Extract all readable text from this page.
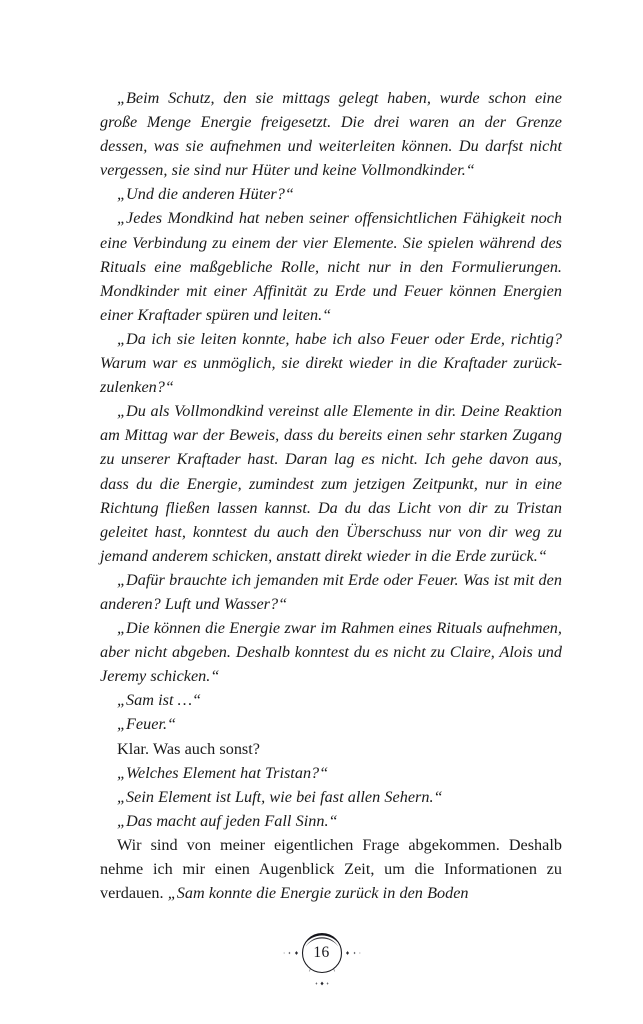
„Beim Schutz, den sie mittags gelegt haben, wurde schon eine große Menge Energie freigesetzt. Die drei waren an der Grenze dessen, was sie aufnehmen und weiterleiten können. Du darfst nicht vergessen, sie sind nur Hüter und keine Vollmondkinder.“

„Und die anderen Hüter?“

„Jedes Mondkind hat neben seiner offensichtlichen Fähigkeit noch eine Verbindung zu einem der vier Elemente. Sie spielen während des Rituals eine maßgebliche Rolle, nicht nur in den Formulierungen. Mondkinder mit einer Affinität zu Erde und Feuer können Energien einer Kraftader spüren und leiten.“

„Da ich sie leiten konnte, habe ich also Feuer oder Erde, richtig? Warum war es unmöglich, sie direkt wieder in die Kraftader zurückzulenken?“

„Du als Vollmondkind vereinst alle Elemente in dir. Deine Reaktion am Mittag war der Beweis, dass du bereits einen sehr starken Zugang zu unserer Kraftader hast. Daran lag es nicht. Ich gehe davon aus, dass du die Energie, zumindest zum jetzigen Zeitpunkt, nur in eine Richtung fließen lassen kannst. Da du das Licht von dir zu Tristan geleitet hast, konntest du auch den Überschuss nur von dir weg zu jemand anderem schicken, anstatt direkt wieder in die Erde zurück.“

„Dafür brauchte ich jemanden mit Erde oder Feuer. Was ist mit den anderen? Luft und Wasser?“

„Die können die Energie zwar im Rahmen eines Rituals aufnehmen, aber nicht abgeben. Deshalb konntest du es nicht zu Claire, Alois und Jeremy schicken.“

„Sam ist …“

„Feuer.“

Klar. Was auch sonst?

„Welches Element hat Tristan?“

„Sein Element ist Luft, wie bei fast allen Sehern.“

„Das macht auf jeden Fall Sinn.“

Wir sind von meiner eigentlichen Frage abgekommen. Deshalb nehme ich mir einen Augenblick Zeit, um die Informationen zu verdauen. „Sam konnte die Energie zurück in den Boden

16
